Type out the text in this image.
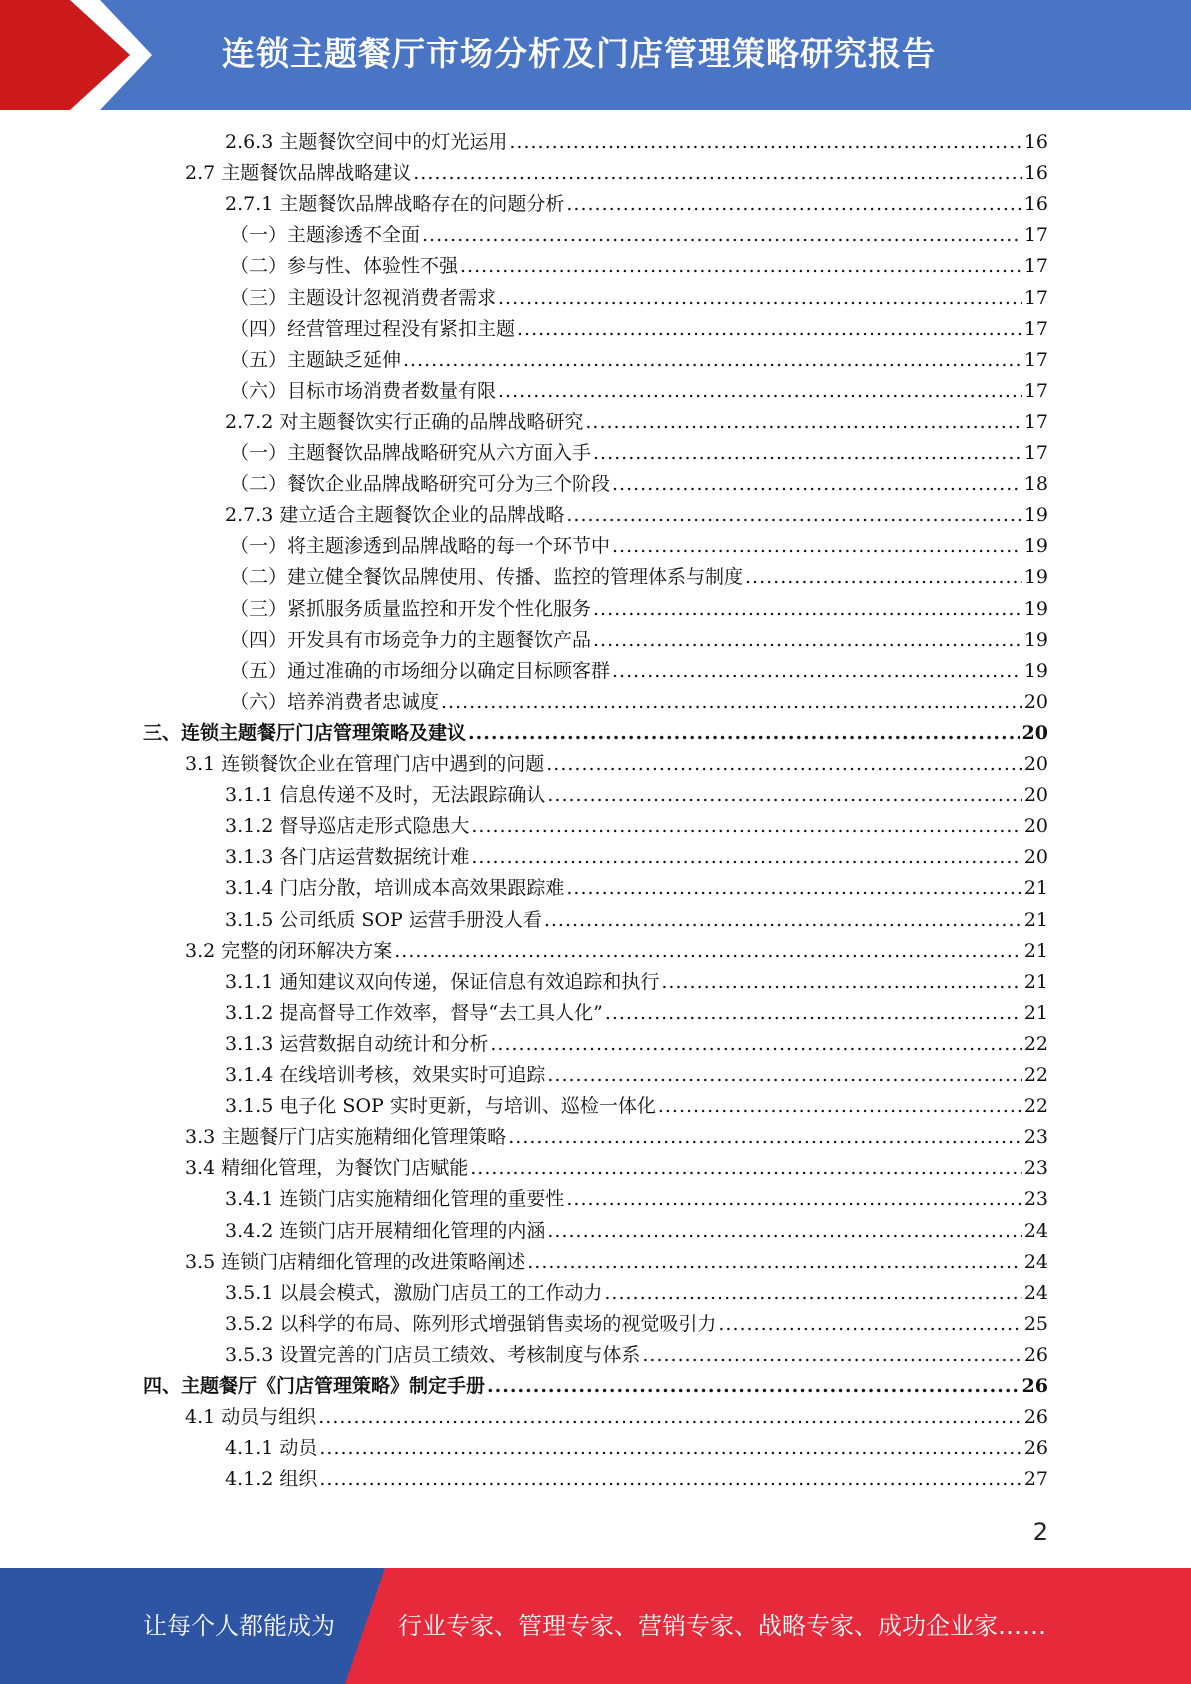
连锁主题餐厅市场分析及门店管理策略研究报告
2.6.3 主题餐饮空间中的灯光运用 .....	16
2.7 主题餐饮品牌战略建议 .....	16
2.7.1 主题餐饮品牌战略存在的问题分析 .....	16
（一）主题渗透不全面 .....	17
（二）参与性、体验性不强 .....	17
（三）主题设计忽视消费者需求 .....	17
（四）经营管理过程没有紧扣主题 .....	17
（五）主题缺乏延伸 .....	17
（六）目标市场消费者数量有限 .....	17
2.7.2 对主题餐饮实行正确的品牌战略研究 .....	17
（一）主题餐饮品牌战略研究从六方面入手 .....	17
（二）餐饮企业品牌战略研究可分为三个阶段 .....	18
2.7.3 建立适合主题餐饮企业的品牌战略 .....	19
（一）将主题渗透到品牌战略的每一个环节中 .....	19
（二）建立健全餐饮品牌使用、传播、监控的管理体系与制度 .....	19
（三）紧抓服务质量监控和开发个性化服务 .....	19
（四）开发具有市场竞争力的主题餐饮产品 .....	19
（五）通过准确的市场细分以确定目标顾客群 .....	19
（六）培养消费者忠诚度 .....	20
三、连锁主题餐厅门店管理策略及建议 .....	20
3.1 连锁餐饮企业在管理门店中遇到的问题 .....	20
3.1.1 信息传递不及时，无法跟踪确认 .....	20
3.1.2 督导巡店走形式隐患大 .....	20
3.1.3 各门店运营数据统计难 .....	20
3.1.4 门店分散，培训成本高效果跟踪难 .....	21
3.1.5 公司纸质 SOP 运营手册没人看 .....	21
3.2 完整的闭环解决方案 .....	21
3.1.1 通知建议双向传递，保证信息有效追踪和执行 .....	21
3.1.2 提高督导工作效率，督导“去工具人化” .....	21
3.1.3 运营数据自动统计和分析 .....	22
3.1.4 在线培训考核，效果实时可追踪 .....	22
3.1.5 电子化 SOP 实时更新，与培训、巡检一体化 .....	22
3.3 主题餐厅门店实施精细化管理策略 .....	23
3.4 精细化管理，为餐饮门店赋能 .....	23
3.4.1 连锁门店实施精细化管理的重要性 .....	23
3.4.2 连锁门店开展精细化管理的内涵 .....	24
3.5 连锁门店精细化管理的改进策略阐述 .....	24
3.5.1 以晨会模式，激励门店员工的工作动力 .....	24
3.5.2 以科学的布局、陈列形式增强销售卖场的视觉吸引力 .....	25
3.5.3 设置完善的门店员工绩效、考核制度与体系 .....	26
四、主题餐厅《门店管理策略》制定手册 .....	26
4.1 动员与组织 .....	26
4.1.1 动员 .....	26
4.1.2 组织 .....	27
2
让每个人都能成为	行业专家、管理专家、营销专家、战略专家、成功企业家……
